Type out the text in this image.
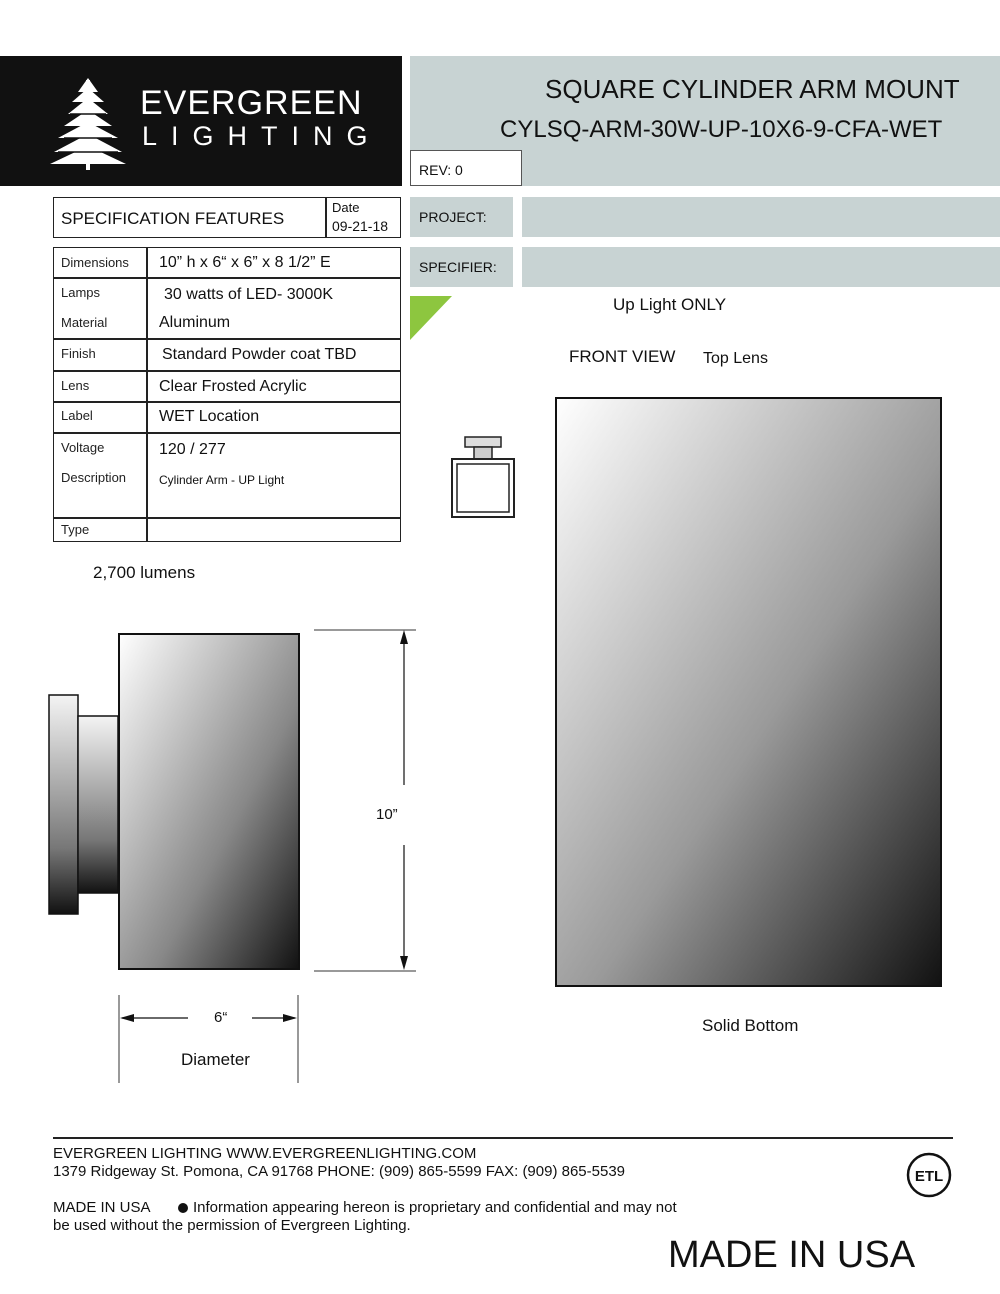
EVERGREEN
LIGHTING
SQUARE CYLINDER ARM MOUNT
CYLSQ-ARM-30W-UP-10X6-9-CFA-WET
REV: 0
PROJECT:
SPECIFIER:
SPECIFICATION FEATURES
Date
09-21-18
Dimensions 10” h x 6“ x 6” x 8 1/2” E
Lamps	30 watts of LED- 3000K
Material	Aluminum
Finish	Standard Powder coat TBD
Lens	Clear Frosted Acrylic
Label	WET Location
Voltage	120 / 277
Description	Cylinder Arm - UP Light
Type
2,700 lumens
Up Light ONLY
FRONT VIEW Top Lens
Solid Bottom
10”
6“
Diameter
EVERGREEN LIGHTING WWW.EVERGREENLIGHTING.COM
1379 Ridgeway St. Pomona, CA 91768 PHONE: (909) 865-5599 FAX: (909) 865-5539
MADE IN USA	Information appearing hereon is proprietary and confidential and may not
be used without the permission of Evergreen Lighting.
ETL
MADE IN USA
